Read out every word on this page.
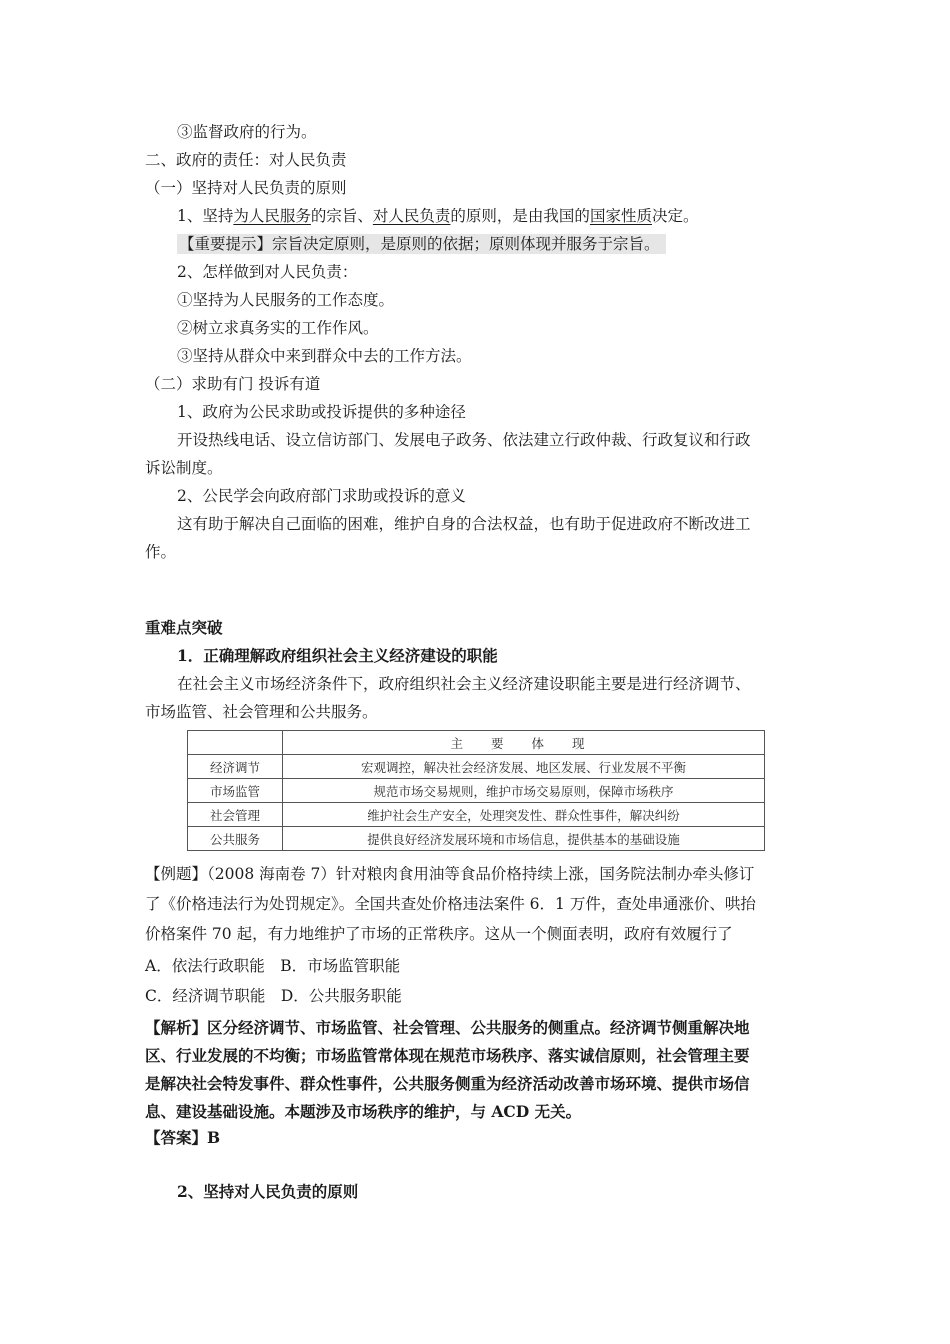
③监督政府的行为。
二、政府的责任：对人民负责
（一）坚持对人民负责的原则
1、坚持为人民服务的宗旨、对人民负责的原则，是由我国的国家性质决定。
【重要提示】宗旨决定原则，是原则的依据；原则体现并服务于宗旨。
2、怎样做到对人民负责：
①坚持为人民服务的工作态度。
②树立求真务实的工作作风。
③坚持从群众中来到群众中去的工作方法。
（二）求助有门 投诉有道
1、政府为公民求助或投诉提供的多种途径
开设热线电话、设立信访部门、发展电子政务、依法建立行政仲裁、行政复议和行政
诉讼制度。
2、公民学会向政府部门求助或投诉的意义
这有助于解决自己面临的困难，维护自身的合法权益，也有助于促进政府不断改进工
作。
重难点突破
1．正确理解政府组织社会主义经济建设的职能
在社会主义市场经济条件下，政府组织社会主义经济建设职能主要是进行经济调节、
市场监管、社会管理和公共服务。
	主 要 体 现
经济调节	宏观调控，解决社会经济发展、地区发展、行业发展不平衡
市场监管	规范市场交易规则，维护市场交易原则，保障市场秩序
社会管理	维护社会生产安全，处理突发性、群众性事件，解决纠纷
公共服务	提供良好经济发展环境和市场信息，提供基本的基础设施
【例题】（2008 海南卷 7）针对粮肉食用油等食品价格持续上涨，国务院法制办牵头修订
了《价格违法行为处罚规定》。全国共查处价格违法案件 6．1 万件，查处串通涨价、哄抬
价格案件 70 起，有力地维护了市场的正常秩序。这从一个侧面表明，政府有效履行了
A．依法行政职能　B．市场监管职能
C．经济调节职能　D．公共服务职能
【解析】区分经济调节、市场监管、社会管理、公共服务的侧重点。经济调节侧重解决地
区、行业发展的不均衡；市场监管常体现在规范市场秩序、落实诚信原则，社会管理主要
是解决社会特发事件、群众性事件，公共服务侧重为经济活动改善市场环境、提供市场信
息、建设基础设施。本题涉及市场秩序的维护，与 ACD 无关。
【答案】B
2、坚持对人民负责的原则
